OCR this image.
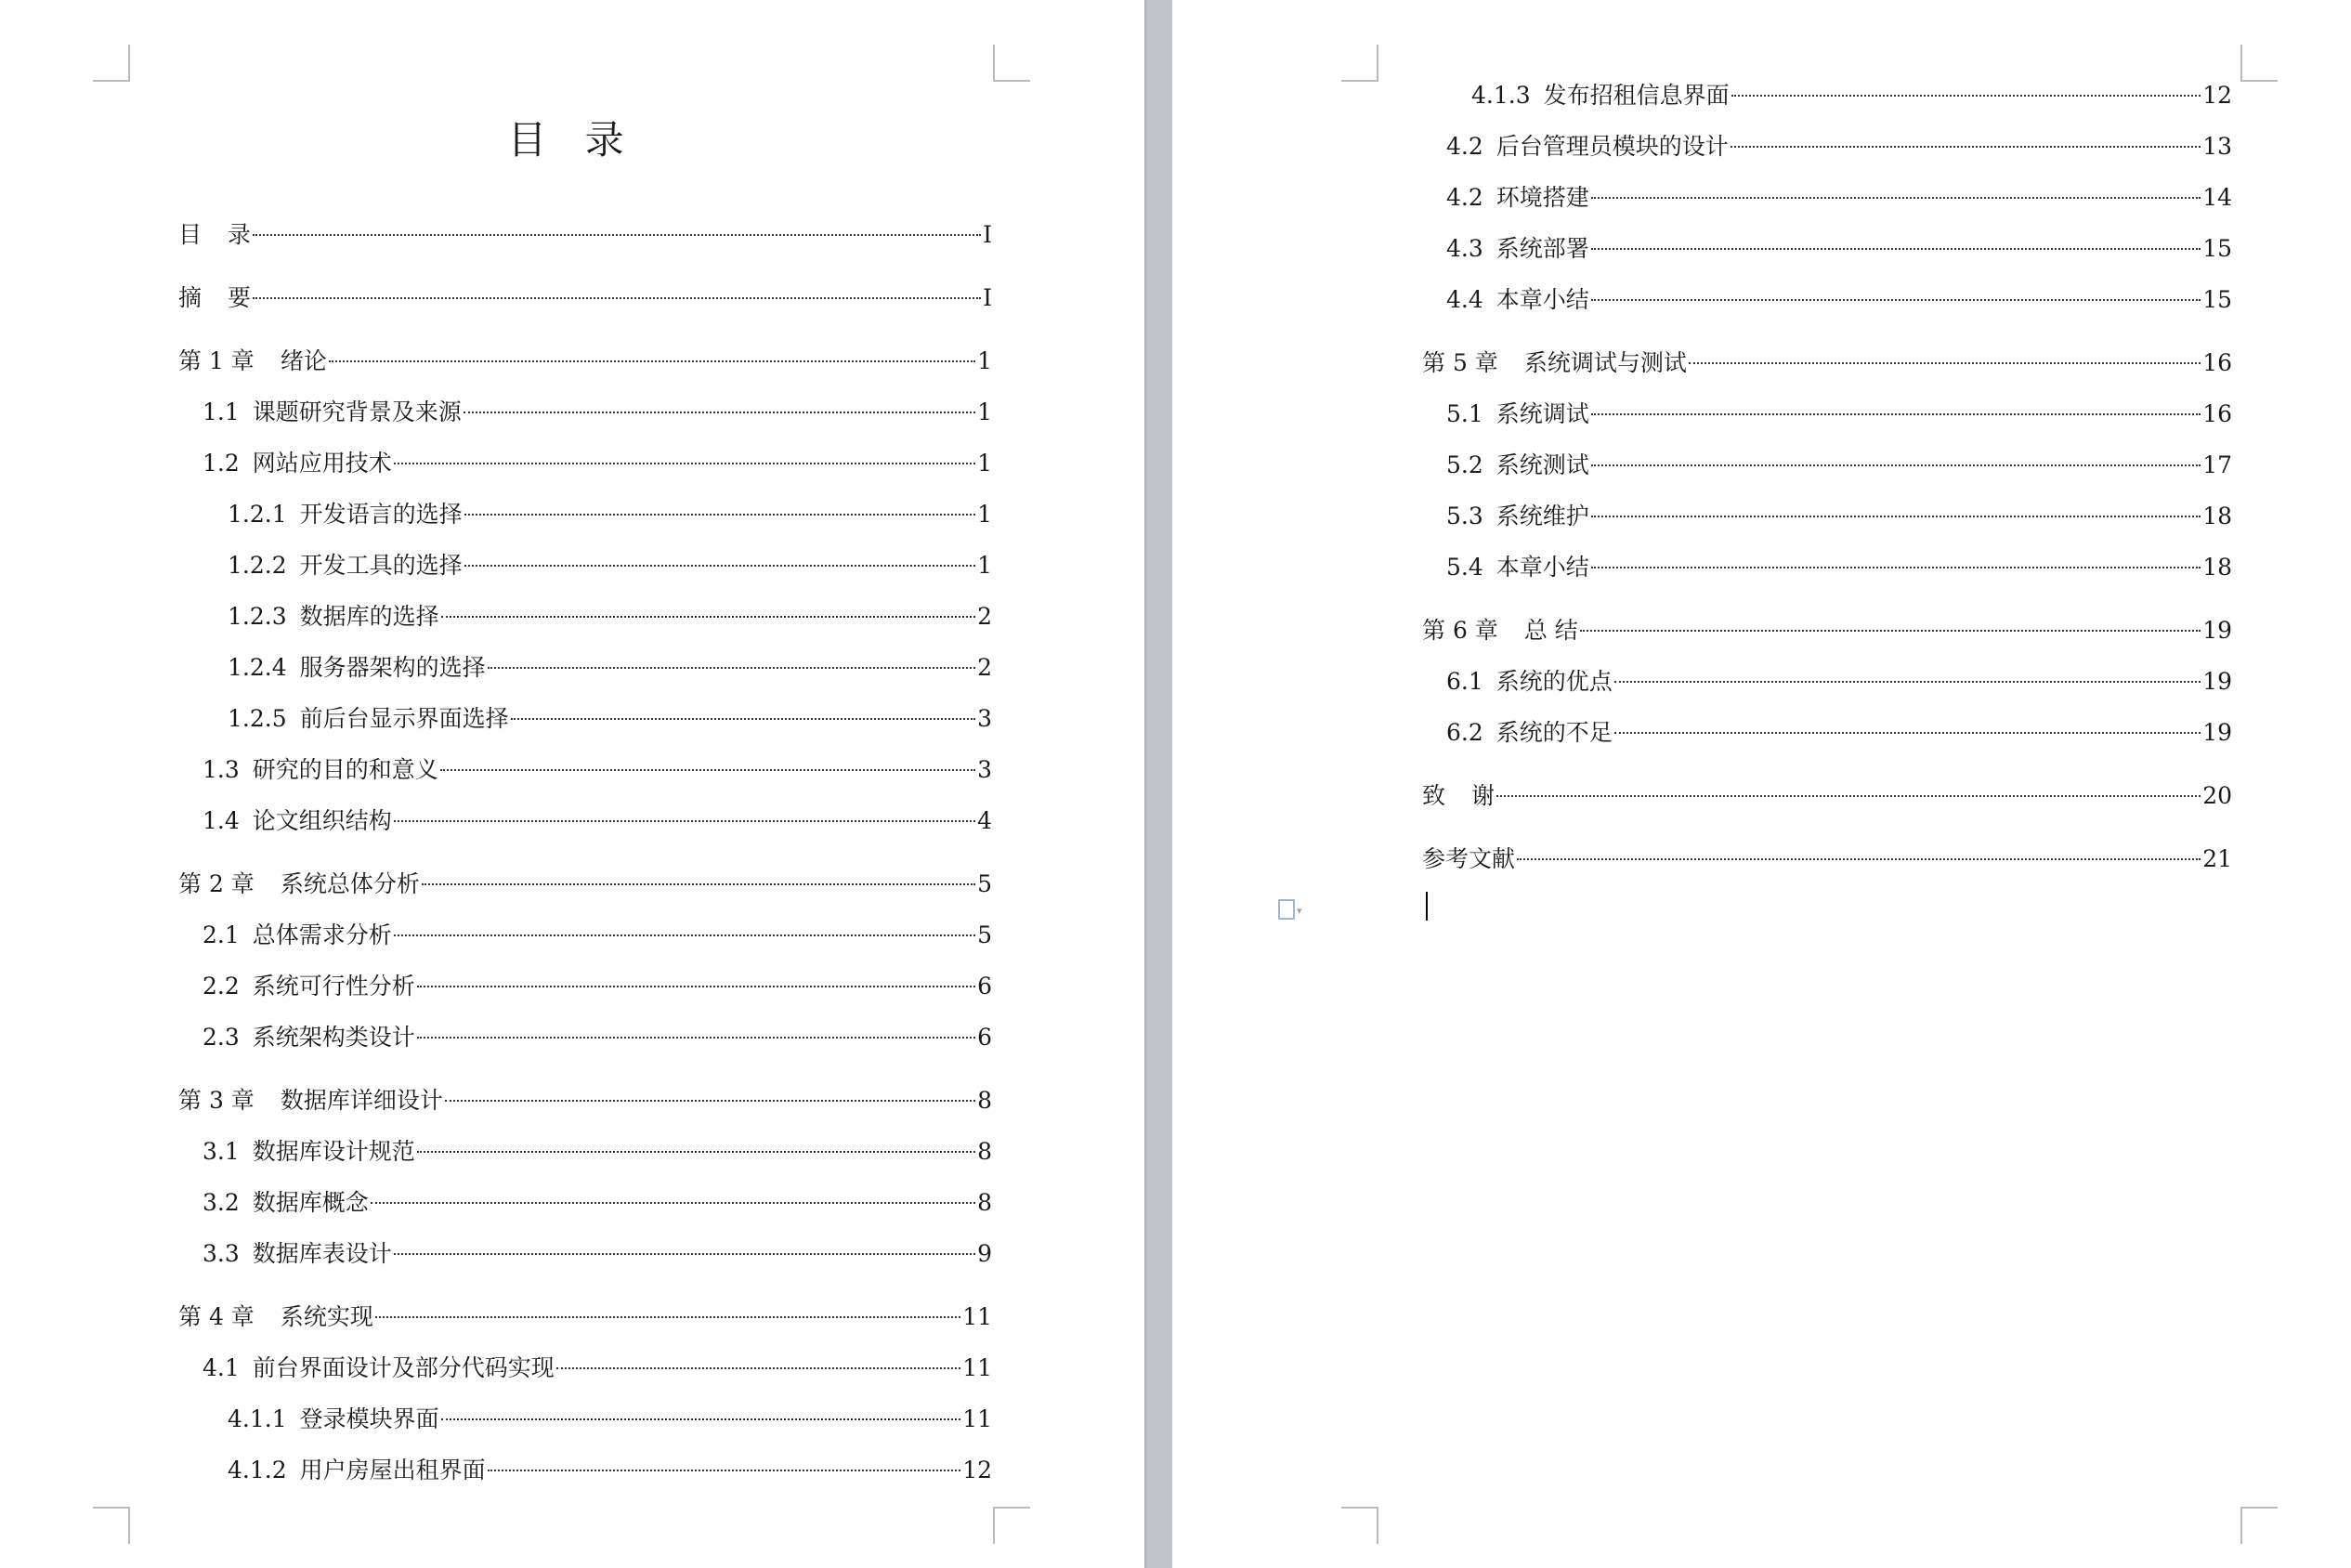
目 录
目 录	I
摘 要	I
第 1 章 绪论	1
1.1 课题研究背景及来源	1
1.2 网站应用技术	1
1.2.1 开发语言的选择	1
1.2.2 开发工具的选择	1
1.2.3 数据库的选择	2
1.2.4 服务器架构的选择	2
1.2.5 前后台显示界面选择	3
1.3 研究的目的和意义	3
1.4 论文组织结构	4
第 2 章 系统总体分析	5
2.1 总体需求分析	5
2.2 系统可行性分析	6
2.3 系统架构类设计	6
第 3 章 数据库详细设计	8
3.1 数据库设计规范	8
3.2 数据库概念	8
3.3 数据库表设计	9
第 4 章 系统实现	11
4.1 前台界面设计及部分代码实现	11
4.1.1 登录模块界面	11
4.1.2 用户房屋出租界面	12
4.1.3 发布招租信息界面	12
4.2 后台管理员模块的设计	13
4.2 环境搭建	14
4.3 系统部署	15
4.4 本章小结	15
第 5 章 系统调试与测试	16
5.1 系统调试	16
5.2 系统测试	17
5.3 系统维护	18
5.4 本章小结	18
第 6 章 总 结	19
6.1 系统的优点	19
6.2 系统的不足	19
致 谢	20
参考文献	21
▾
